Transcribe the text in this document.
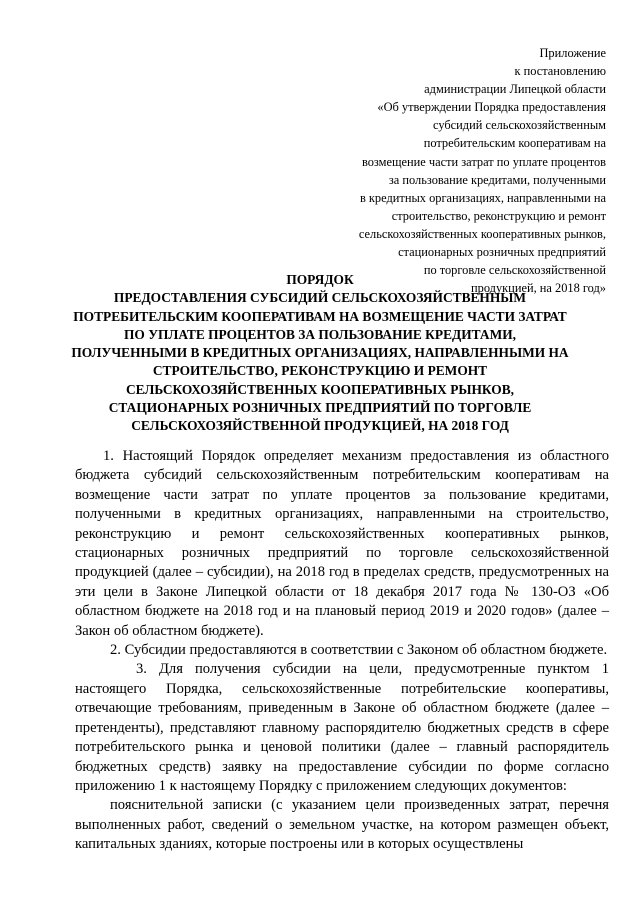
Приложение
к постановлению
администрации Липецкой области
«Об утверждении Порядка предоставления
субсидий сельскохозяйственным
потребительским кооперативам на
возмещение части затрат по уплате процентов
за пользование кредитами, полученными
в кредитных организациях, направленными на
строительство, реконструкцию и ремонт
сельскохозяйственных кооперативных рынков,
стационарных розничных предприятий
по торговле сельскохозяйственной
продукцией, на 2018 год»
ПОРЯДОК
ПРЕДОСТАВЛЕНИЯ СУБСИДИЙ СЕЛЬСКОХОЗЯЙСТВЕННЫМ
ПОТРЕБИТЕЛЬСКИМ КООПЕРАТИВАМ НА ВОЗМЕЩЕНИЕ ЧАСТИ ЗАТРАТ
ПО УПЛАТЕ ПРОЦЕНТОВ ЗА ПОЛЬЗОВАНИЕ КРЕДИТАМИ,
ПОЛУЧЕННЫМИ В КРЕДИТНЫХ ОРГАНИЗАЦИЯХ, НАПРАВЛЕННЫМИ НА
СТРОИТЕЛЬСТВО, РЕКОНСТРУКЦИЮ И РЕМОНТ
СЕЛЬСКОХОЗЯЙСТВЕННЫХ КООПЕРАТИВНЫХ РЫНКОВ,
СТАЦИОНАРНЫХ РОЗНИЧНЫХ ПРЕДПРИЯТИЙ ПО ТОРГОВЛЕ
СЕЛЬСКОХОЗЯЙСТВЕННОЙ ПРОДУКЦИЕЙ, НА 2018 ГОД

1. Настоящий Порядок определяет механизм предоставления из областного бюджета субсидий сельскохозяйственным потребительским кооперативам на возмещение части затрат по уплате процентов за пользование кредитами, полученными в кредитных организациях, направленными на строительство, реконструкцию и ремонт сельскохозяйственных кооперативных рынков, стационарных розничных предприятий по торговле сельскохозяйственной продукцией (далее – субсидии), на 2018 год в пределах средств, предусмотренных на эти цели в Законе Липецкой области от 18 декабря 2017 года № 130-ОЗ «Об областном бюджете на 2018 год и на плановый период 2019 и 2020 годов» (далее – Закон об областном бюджете).

2. Субсидии предоставляются в соответствии с Законом об областном бюджете.

3. Для получения субсидии на цели, предусмотренные пунктом 1 настоящего Порядка, сельскохозяйственные потребительские кооперативы, отвечающие требованиям, приведенным в Законе об областном бюджете (далее – претенденты), представляют главному распорядителю бюджетных средств в сфере потребительского рынка и ценовой политики (далее – главный распорядитель бюджетных средств) заявку на предоставление субсидии по форме согласно приложению 1 к настоящему Порядку с приложением следующих документов:

пояснительной записки (с указанием цели произведенных затрат, перечня выполненных работ, сведений о земельном участке, на котором размещен объект, капитальных зданиях, которые построены или в которых осуществлены
